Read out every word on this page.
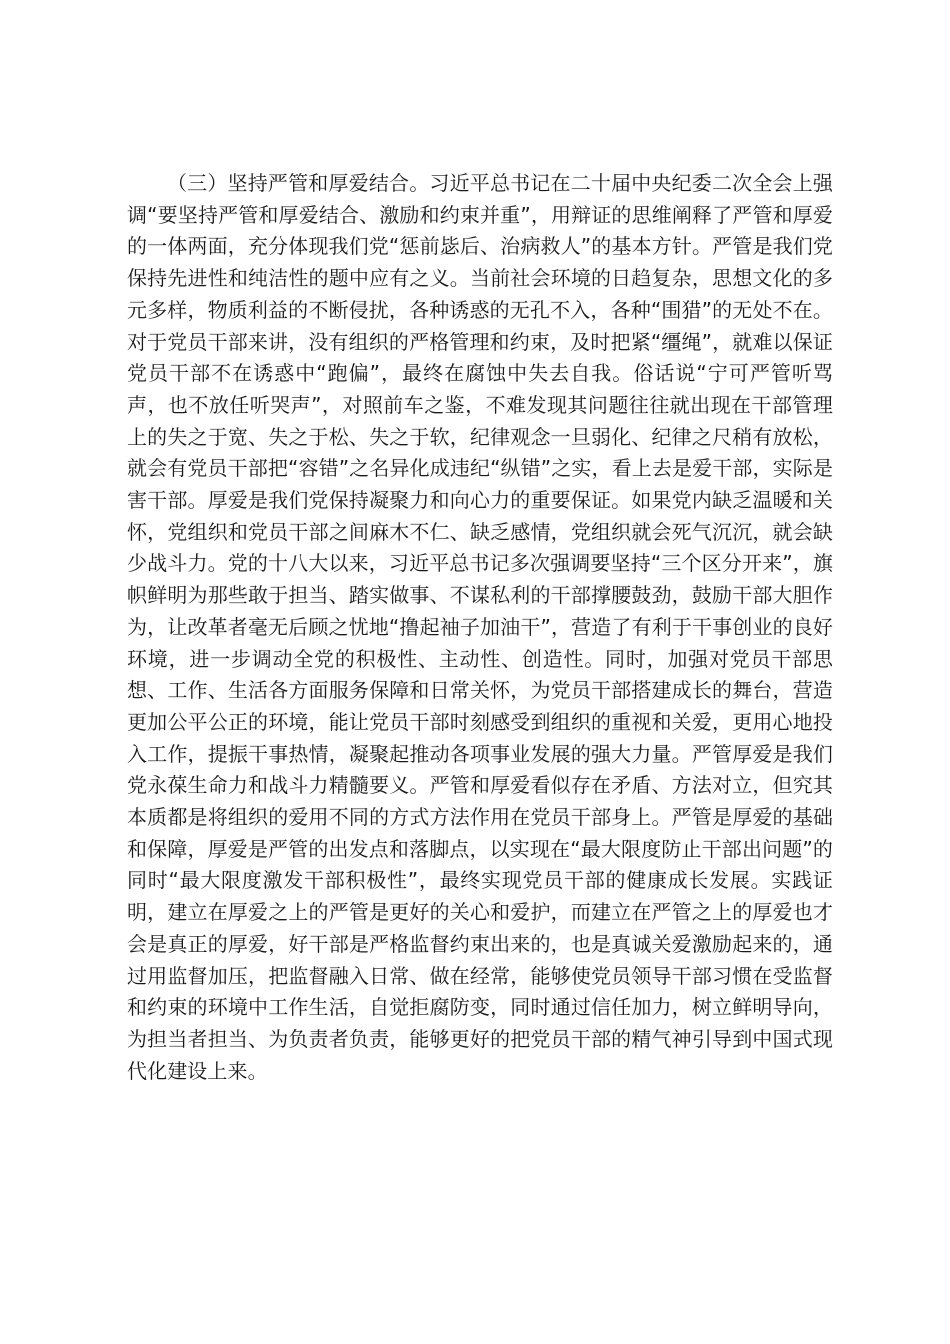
（三）坚持严管和厚爱结合。习近平总书记在二十届中央纪委二次全会上强调“要坚持严管和厚爱结合、激励和约束并重”，用辩证的思维阐释了严管和厚爱的一体两面，充分体现我们党“惩前毖后、治病救人”的基本方针。严管是我们党保持先进性和纯洁性的题中应有之义。当前社会环境的日趋复杂，思想文化的多元多样，物质利益的不断侵扰，各种诱惑的无孔不入，各种“围猎”的无处不在。对于党员干部来讲，没有组织的严格管理和约束，及时把紧“缰绳”，就难以保证党员干部不在诱惑中“跑偏”，最终在腐蚀中失去自我。俗话说“宁可严管听骂声，也不放任听哭声”，对照前车之鉴，不难发现其问题往往就出现在干部管理上的失之于宽、失之于松、失之于软，纪律观念一旦弱化、纪律之尺稍有放松，就会有党员干部把“容错”之名异化成违纪“纵错”之实，看上去是爱干部，实际是害干部。厚爱是我们党保持凝聚力和向心力的重要保证。如果党内缺乏温暖和关怀，党组织和党员干部之间麻木不仁、缺乏感情，党组织就会死气沉沉，就会缺少战斗力。党的十八大以来，习近平总书记多次强调要坚持“三个区分开来”，旗帜鲜明为那些敢于担当、踏实做事、不谋私利的干部撑腰鼓劲，鼓励干部大胆作为，让改革者毫无后顾之忧地“撸起袖子加油干”，营造了有利于干事创业的良好环境，进一步调动全党的积极性、主动性、创造性。同时，加强对党员干部思想、工作、生活各方面服务保障和日常关怀，为党员干部搭建成长的舞台，营造更加公平公正的环境，能让党员干部时刻感受到组织的重视和关爱，更用心地投入工作，提振干事热情，凝聚起推动各项事业发展的强大力量。严管厚爱是我们党永葆生命力和战斗力精髓要义。严管和厚爱看似存在矛盾、方法对立，但究其本质都是将组织的爱用不同的方式方法作用在党员干部身上。严管是厚爱的基础和保障，厚爱是严管的出发点和落脚点，以实现在“最大限度防止干部出问题”的同时“最大限度激发干部积极性”，最终实现党员干部的健康成长发展。实践证明，建立在厚爱之上的严管是更好的关心和爱护，而建立在严管之上的厚爱也才会是真正的厚爱，好干部是严格监督约束出来的，也是真诚关爱激励起来的，通过用监督加压，把监督融入日常、做在经常，能够使党员领导干部习惯在受监督和约束的环境中工作生活，自觉拒腐防变，同时通过信任加力，树立鲜明导向，为担当者担当、为负责者负责，能够更好的把党员干部的精气神引导到中国式现代化建设上来。
